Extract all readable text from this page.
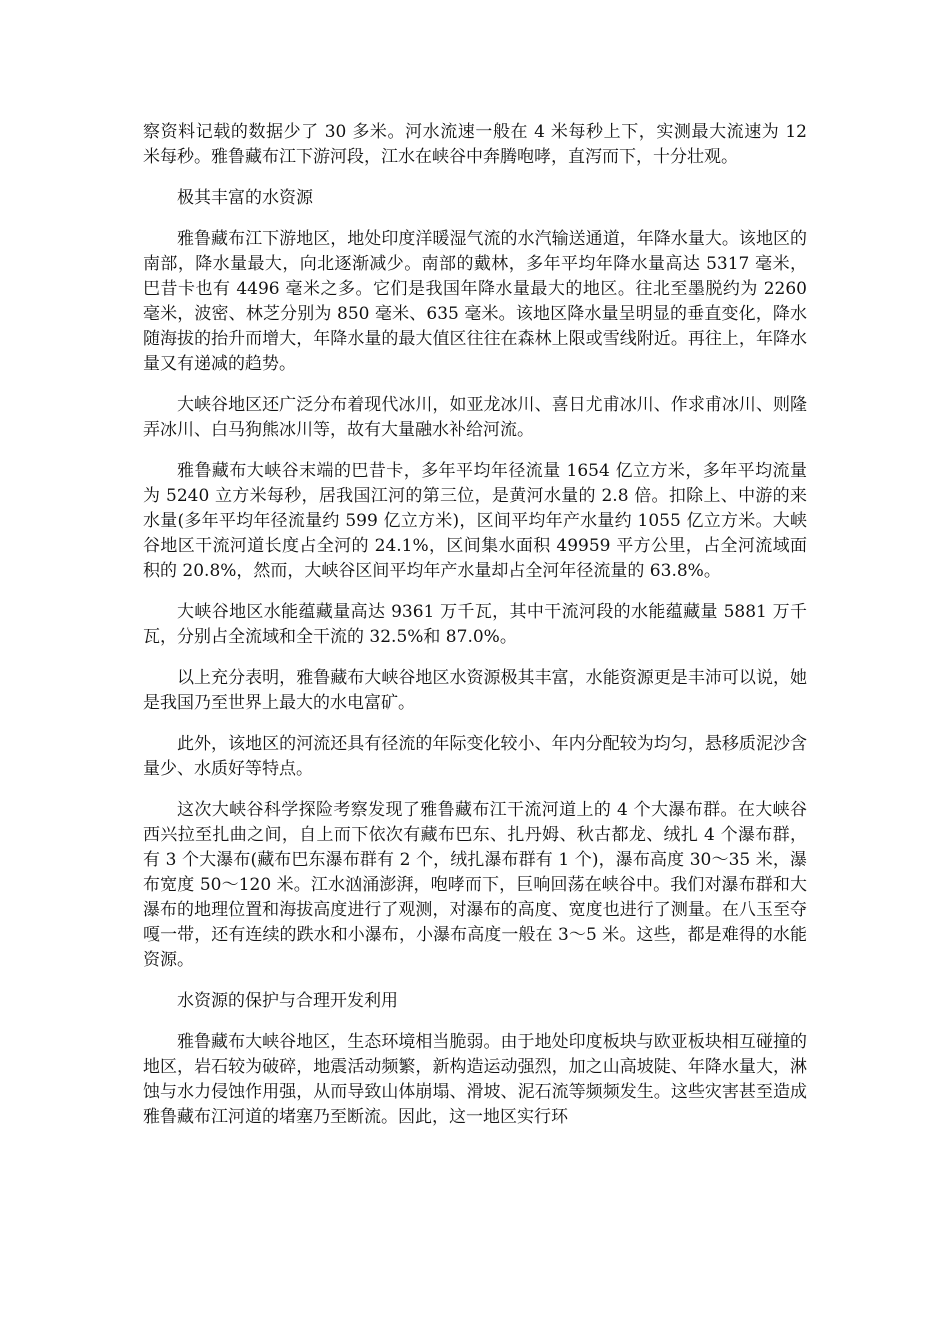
察资料记载的数据少了 30 多米。河水流速一般在 4 米每秒上下，实测最大流速为 12 米每秒。雅鲁藏布江下游河段，江水在峡谷中奔腾咆哮，直泻而下，十分壮观。

极其丰富的水资源

雅鲁藏布江下游地区，地处印度洋暖湿气流的水汽输送通道，年降水量大。该地区的南部，降水量最大，向北逐渐减少。南部的戴林，多年平均年降水量高达 5317 毫米，巴昔卡也有 4496 毫米之多。它们是我国年降水量最大的地区。往北至墨脱约为 2260 毫米，波密、林芝分别为 850 毫米、635 毫米。该地区降水量呈明显的垂直变化，降水随海拔的抬升而增大，年降水量的最大值区往往在森林上限或雪线附近。再往上，年降水量又有递减的趋势。

大峡谷地区还广泛分布着现代冰川，如亚龙冰川、喜日尤甫冰川、作求甫冰川、则隆弄冰川、白马狗熊冰川等，故有大量融水补给河流。

雅鲁藏布大峡谷末端的巴昔卡，多年平均年径流量 1654 亿立方米，多年平均流量为 5240 立方米每秒，居我国江河的第三位，是黄河水量的 2.8 倍。扣除上、中游的来水量(多年平均年径流量约 599 亿立方米)，区间平均年产水量约 1055 亿立方米。大峡谷地区干流河道长度占全河的 24.1%，区间集水面积 49959 平方公里，占全河流域面积的 20.8%，然而，大峡谷区间平均年产水量却占全河年径流量的 63.8%。

大峡谷地区水能蕴藏量高达 9361 万千瓦，其中干流河段的水能蕴藏量 5881 万千瓦，分别占全流域和全干流的 32.5%和 87.0%。

以上充分表明，雅鲁藏布大峡谷地区水资源极其丰富，水能资源更是丰沛可以说，她是我国乃至世界上最大的水电富矿。

此外，该地区的河流还具有径流的年际变化较小、年内分配较为均匀，悬移质泥沙含量少、水质好等特点。

这次大峡谷科学探险考察发现了雅鲁藏布江干流河道上的 4 个大瀑布群。在大峡谷西兴拉至扎曲之间，自上而下依次有藏布巴东、扎丹姆、秋古都龙、绒扎 4 个瀑布群，有 3 个大瀑布(藏布巴东瀑布群有 2 个，绒扎瀑布群有 1 个)，瀑布高度 30～35 米，瀑布宽度 50～120 米。江水汹涌澎湃，咆哮而下，巨响回荡在峡谷中。我们对瀑布群和大瀑布的地理位置和海拔高度进行了观测，对瀑布的高度、宽度也进行了测量。在八玉至夺嘎一带，还有连续的跌水和小瀑布，小瀑布高度一般在 3～5 米。这些，都是难得的水能资源。

水资源的保护与合理开发利用

雅鲁藏布大峡谷地区，生态环境相当脆弱。由于地处印度板块与欧亚板块相互碰撞的地区，岩石较为破碎，地震活动频繁，新构造运动强烈，加之山高坡陡、年降水量大，淋蚀与水力侵蚀作用强，从而导致山体崩塌、滑坡、泥石流等频频发生。这些灾害甚至造成雅鲁藏布江河道的堵塞乃至断流。因此，这一地区实行环
